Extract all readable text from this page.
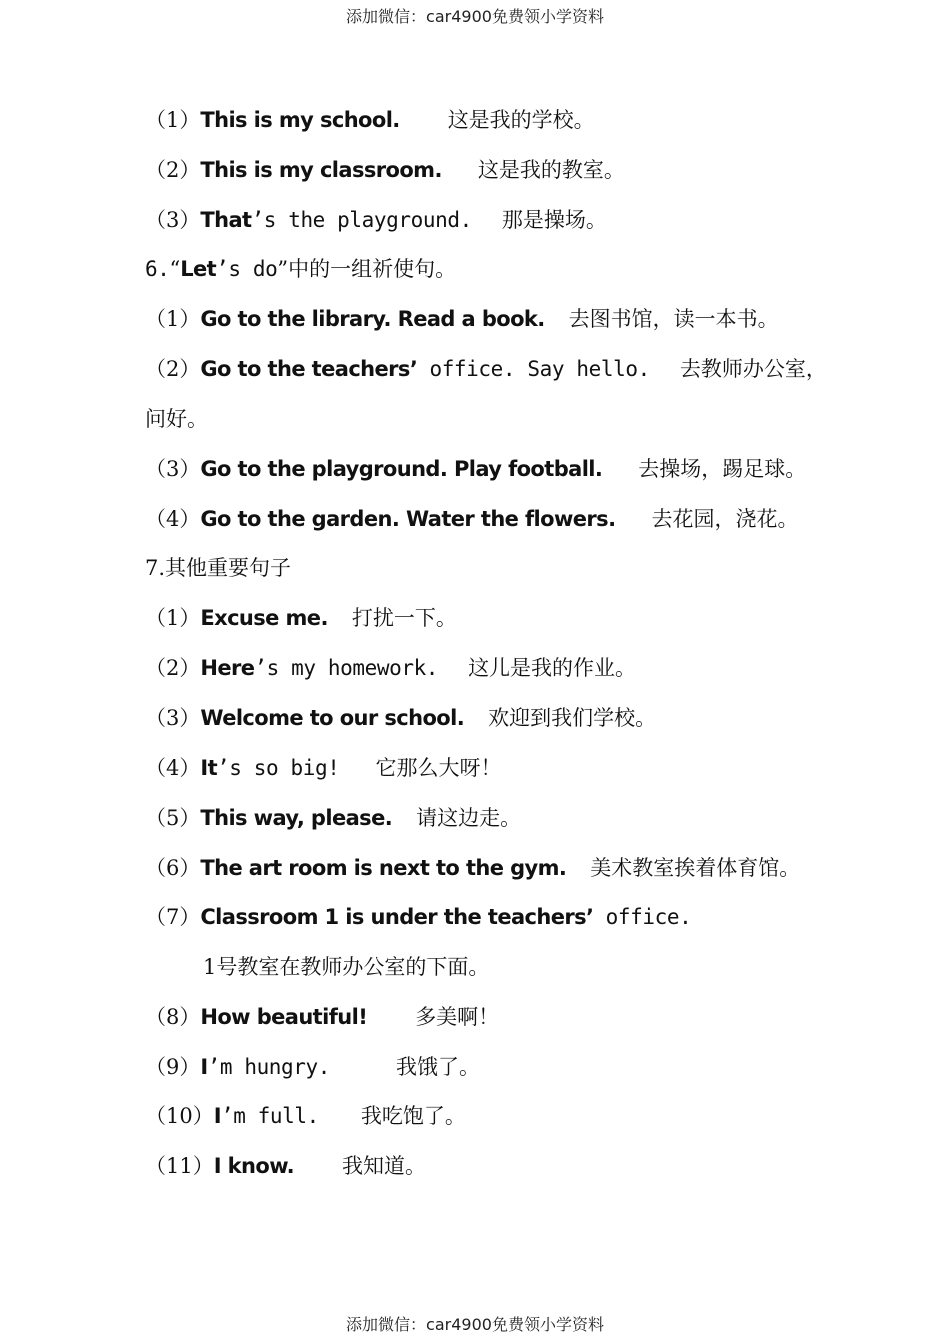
添加微信：car4900免费领小学资料
（1）This is my school. 这是我的学校。
（2）This is my classroom. 这是我的教室。
（3）That’s the playground. 那是操场。
6.“Let’s do”中的一组祈使句。
（1）Go to the library. Read a book. 去图书馆，读一本书。
（2）Go to the teachers’ office. Say hello. 去教师办公室，
问好。
（3）Go to the playground. Play football. 去操场，踢足球。
（4）Go to the garden. Water the flowers. 去花园，浇花。
7.其他重要句子
（1）Excuse me. 打扰一下。
（2）Here’s my homework. 这儿是我的作业。
（3）Welcome to our school. 欢迎到我们学校。
（4）It’s so big! 它那么大呀！
（5）This way, please. 请这边走。
（6）The art room is next to the gym. 美术教室挨着体育馆。
（7）Classroom 1 is under the teachers’ office.
1号教室在教师办公室的下面。
（8）How beautiful! 多美啊！
（9）I’m hungry.	我饿了。
（10）I’m full. 我吃饱了。
（11）I know. 我知道。
添加微信：car4900免费领小学资料
